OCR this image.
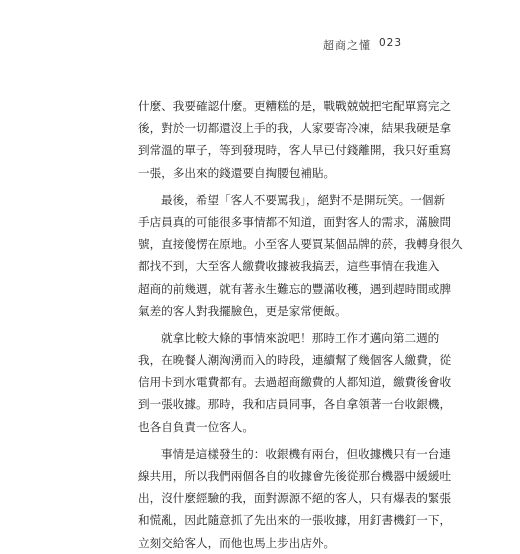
超商之懂 023
什麼、我要確認什麼。更糟糕的是，戰戰兢兢把宅配單寫完之
後，對於一切都還沒上手的我，人家要寄冷凍，結果我硬是拿
到常溫的單子，等到發現時，客人早已付錢離開，我只好重寫
一張，多出來的錢還要自掏腰包補貼。
最後，希望「客人不要罵我」，絕對不是開玩笑。一個新
手店員真的可能很多事情都不知道，面對客人的需求，滿臉問
號，直接傻愣在原地。小至客人要買某個品牌的菸，我轉身很久
都找不到，大至客人繳費收據被我搞丟，這些事情在我進入
超商的前幾週，就有著永生難忘的豐滿收穫，遇到趕時間或脾
氣差的客人對我擺臉色，更是家常便飯。
就拿比較大條的事情來說吧！那時工作才邁向第二週的
我，在晚餐人潮洶湧而入的時段，連續幫了幾個客人繳費，從
信用卡到水電費都有。去過超商繳費的人都知道，繳費後會收
到一張收據。那時，我和店員同事，各自拿領著一台收銀機，
也各自負責一位客人。
事情是這樣發生的：收銀機有兩台，但收據機只有一台連
線共用，所以我們兩個各自的收據會先後從那台機器中緩緩吐
出，沒什麼經驗的我，面對源源不絕的客人，只有爆表的緊張
和慌亂，因此隨意抓了先出來的一張收據，用釘書機釘一下，
立刻交給客人，而他也馬上步出店外。
